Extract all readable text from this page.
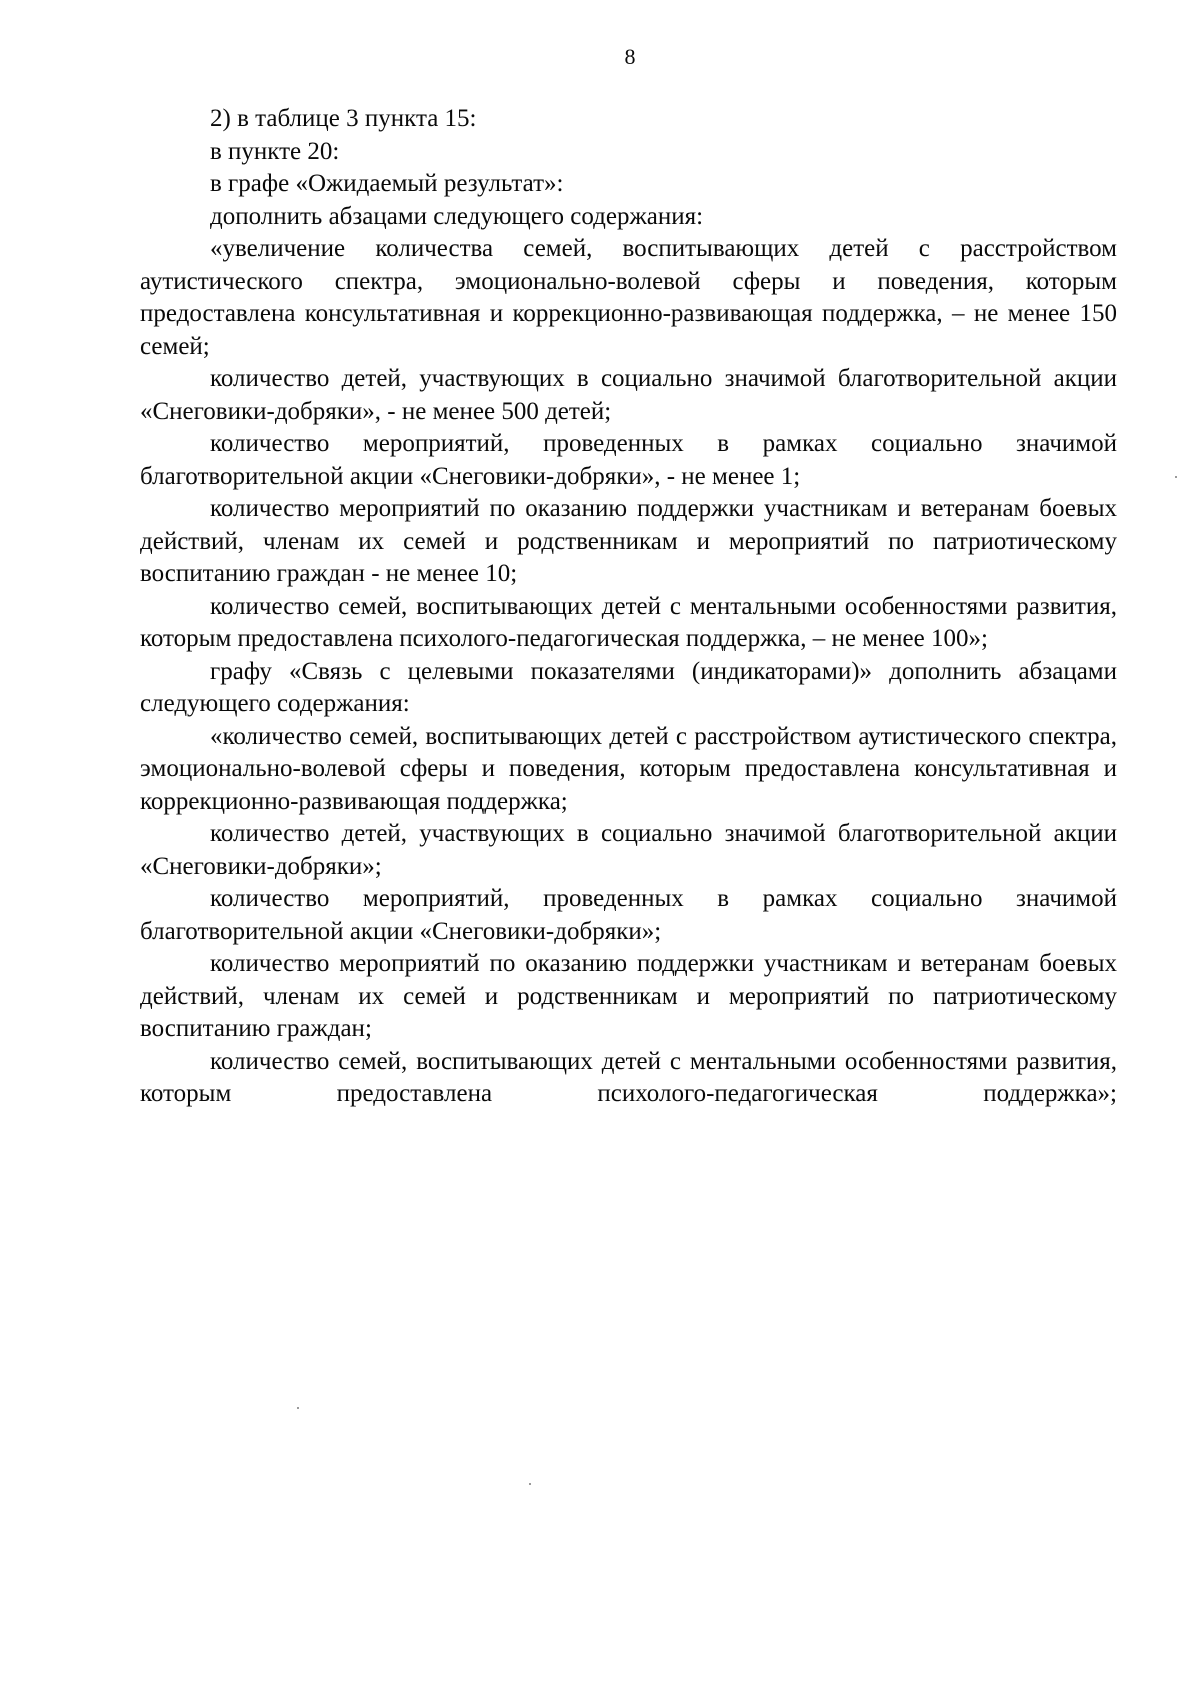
8

2) в таблице 3 пункта 15:

в пункте 20:

в графе «Ожидаемый результат»:

дополнить абзацами следующего содержания:

«увеличение количества семей, воспитывающих детей с расстройством аутистического спектра, эмоционально-волевой сферы и поведения, которым предоставлена консультативная и коррекционно-развивающая поддержка, – не менее 150 семей;

количество детей, участвующих в социально значимой благотворительной акции «Снеговики-добряки», - не менее 500 детей;

количество мероприятий, проведенных в рамках социально значимой благотворительной акции «Снеговики-добряки», - не менее 1;

количество мероприятий по оказанию поддержки участникам и ветеранам боевых действий, членам их семей и родственникам и мероприятий по патриотическому воспитанию граждан - не менее 10;

количество семей, воспитывающих детей с ментальными особенностями развития, которым предоставлена психолого-педагогическая поддержка, – не менее 100»;

графу «Связь с целевыми показателями (индикаторами)» дополнить абзацами следующего содержания:

«количество семей, воспитывающих детей с расстройством аутистического спектра, эмоционально-волевой сферы и поведения, которым предоставлена консультативная и коррекционно-развивающая поддержка;

количество детей, участвующих в социально значимой благотворительной акции «Снеговики-добряки»;

количество мероприятий, проведенных в рамках социально значимой благотворительной акции «Снеговики-добряки»;

количество мероприятий по оказанию поддержки участникам и ветеранам боевых действий, членам их семей и родственникам и мероприятий по патриотическому воспитанию граждан;

количество семей, воспитывающих детей с ментальными особенностями развития, которым предоставлена психолого-педагогическая поддержка»;
